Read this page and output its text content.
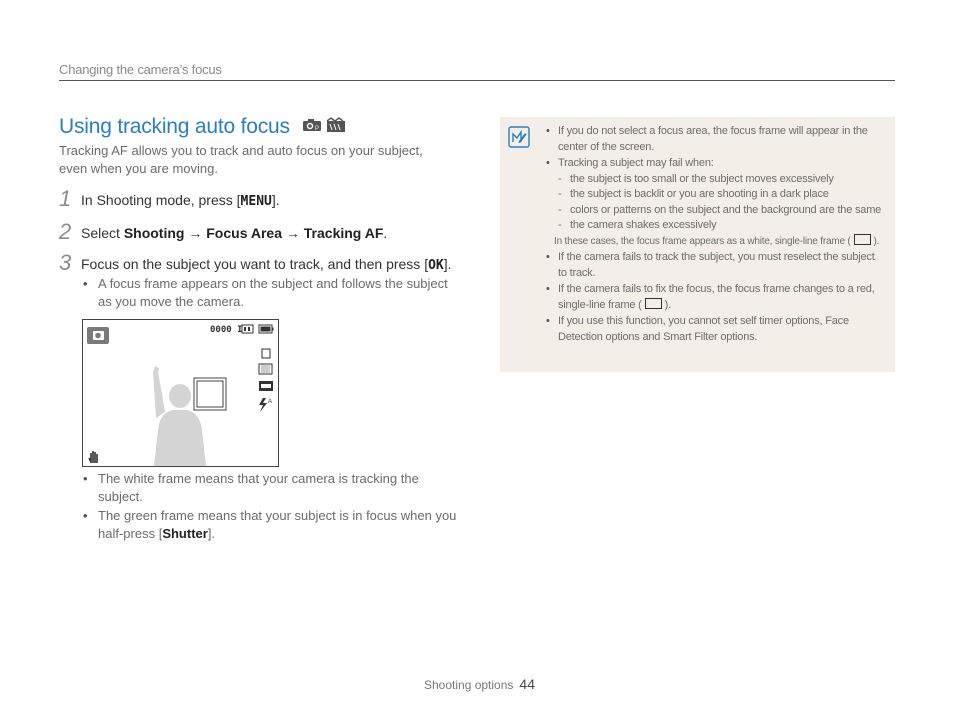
Changing the camera’s focus
Using tracking auto focus	P
Tracking AF allows you to track and auto focus on your subject, even when you are moving.
1 In Shooting mode, press [MENU].
2 Select Shooting → Focus Area → Tracking AF.
3 Focus on the subject you want to track, and then press [OK].
• A focus frame appears on the subject and follows the subject as you move the camera.
0000 I
A
• The white frame means that your camera is tracking the subject.
• The green frame means that your subject is in focus when you half-press [Shutter].
• If you do not select a focus area, the focus frame will appear in the center of the screen.
• Tracking a subject may fail when:
- the subject is too small or the subject moves excessively
- the subject is backlit or you are shooting in a dark place
- colors or patterns on the subject and the background are the same
- the camera shakes excessively
In these cases, the focus frame appears as a white, single-line frame ( ).
• If the camera fails to track the subject, you must reselect the subject to track.
• If the camera fails to fix the focus, the focus frame changes to a red, single-line frame ( ).
• If you use this function, you cannot set self timer options, Face Detection options and Smart Filter options.
Shooting options 44
